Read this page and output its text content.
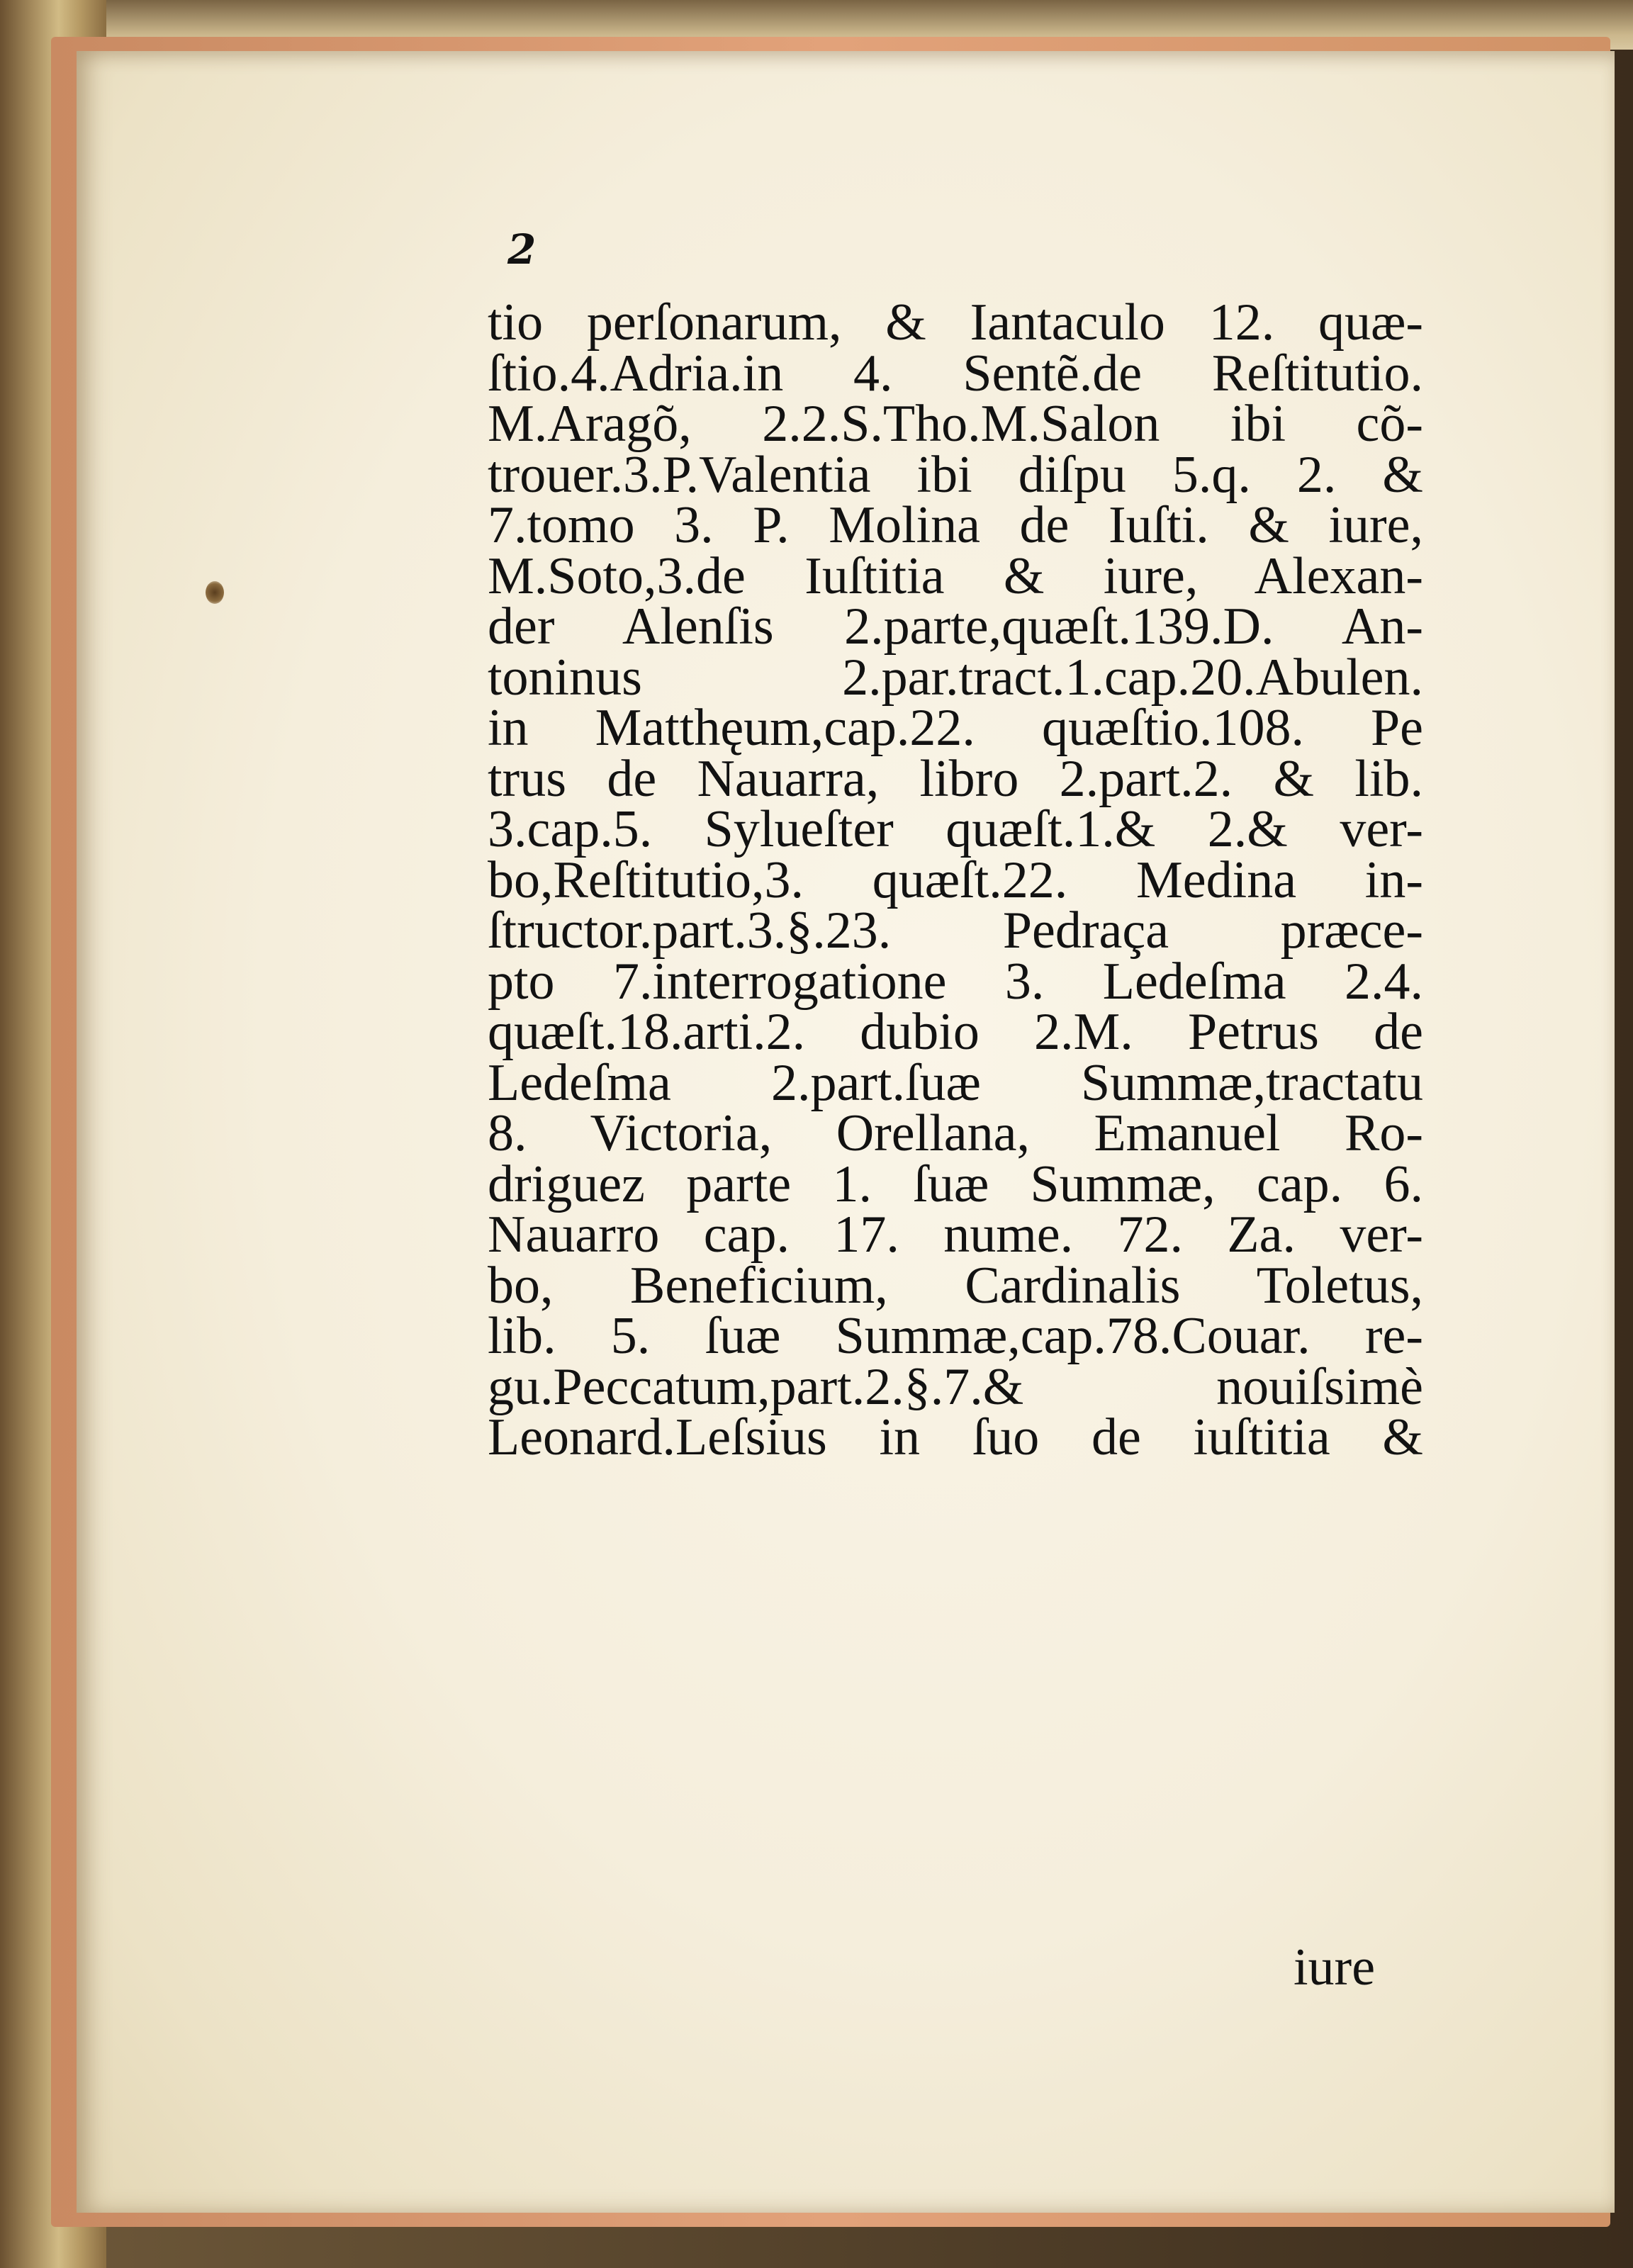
2
tio perſonarum, & Iantaculo 12. quæ-
ſtio.4.Adria.in 4. Sentẽ.de Reſtitutio.
M.Aragõ, 2.2.S.Tho.M.Salon ibi cõ-
trouer.3.P.Valentia ibi diſpu 5.q. 2. &
7.tomo 3. P. Molina de Iuſti. & iure,
M.Soto,3.de Iuſtitia & iure, Alexan-
der Alenſis 2.parte,quæſt.139.D. An-
toninus 2.par.tract.1.cap.20.Abulen.
in Matthęum,cap.22. quæſtio.108. Pe
trus de Nauarra, libro 2.part.2. & lib.
3.cap.5. Sylueſter quæſt.1.& 2.& ver-
bo,Reſtitutio,3. quæſt.22. Medina in-
ſtructor.part.3.§.23. Pedraça præce-
pto 7.interrogatione 3. Ledeſma 2.4.
quæſt.18.arti.2. dubio 2.M. Petrus de
Ledeſma 2.part.ſuæ Summæ,tractatu
8. Victoria, Orellana, Emanuel Ro-
driguez parte 1. ſuæ Summæ, cap. 6.
Nauarro cap. 17. nume. 72. Za. ver-
bo, Beneficium, Cardinalis Toletus,
lib. 5. ſuæ Summæ,cap.78.Couar. re-
gu.Peccatum,part.2.§.7.& nouiſsimè
Leonard.Leſsius in ſuo de iuſtitia &
iure
